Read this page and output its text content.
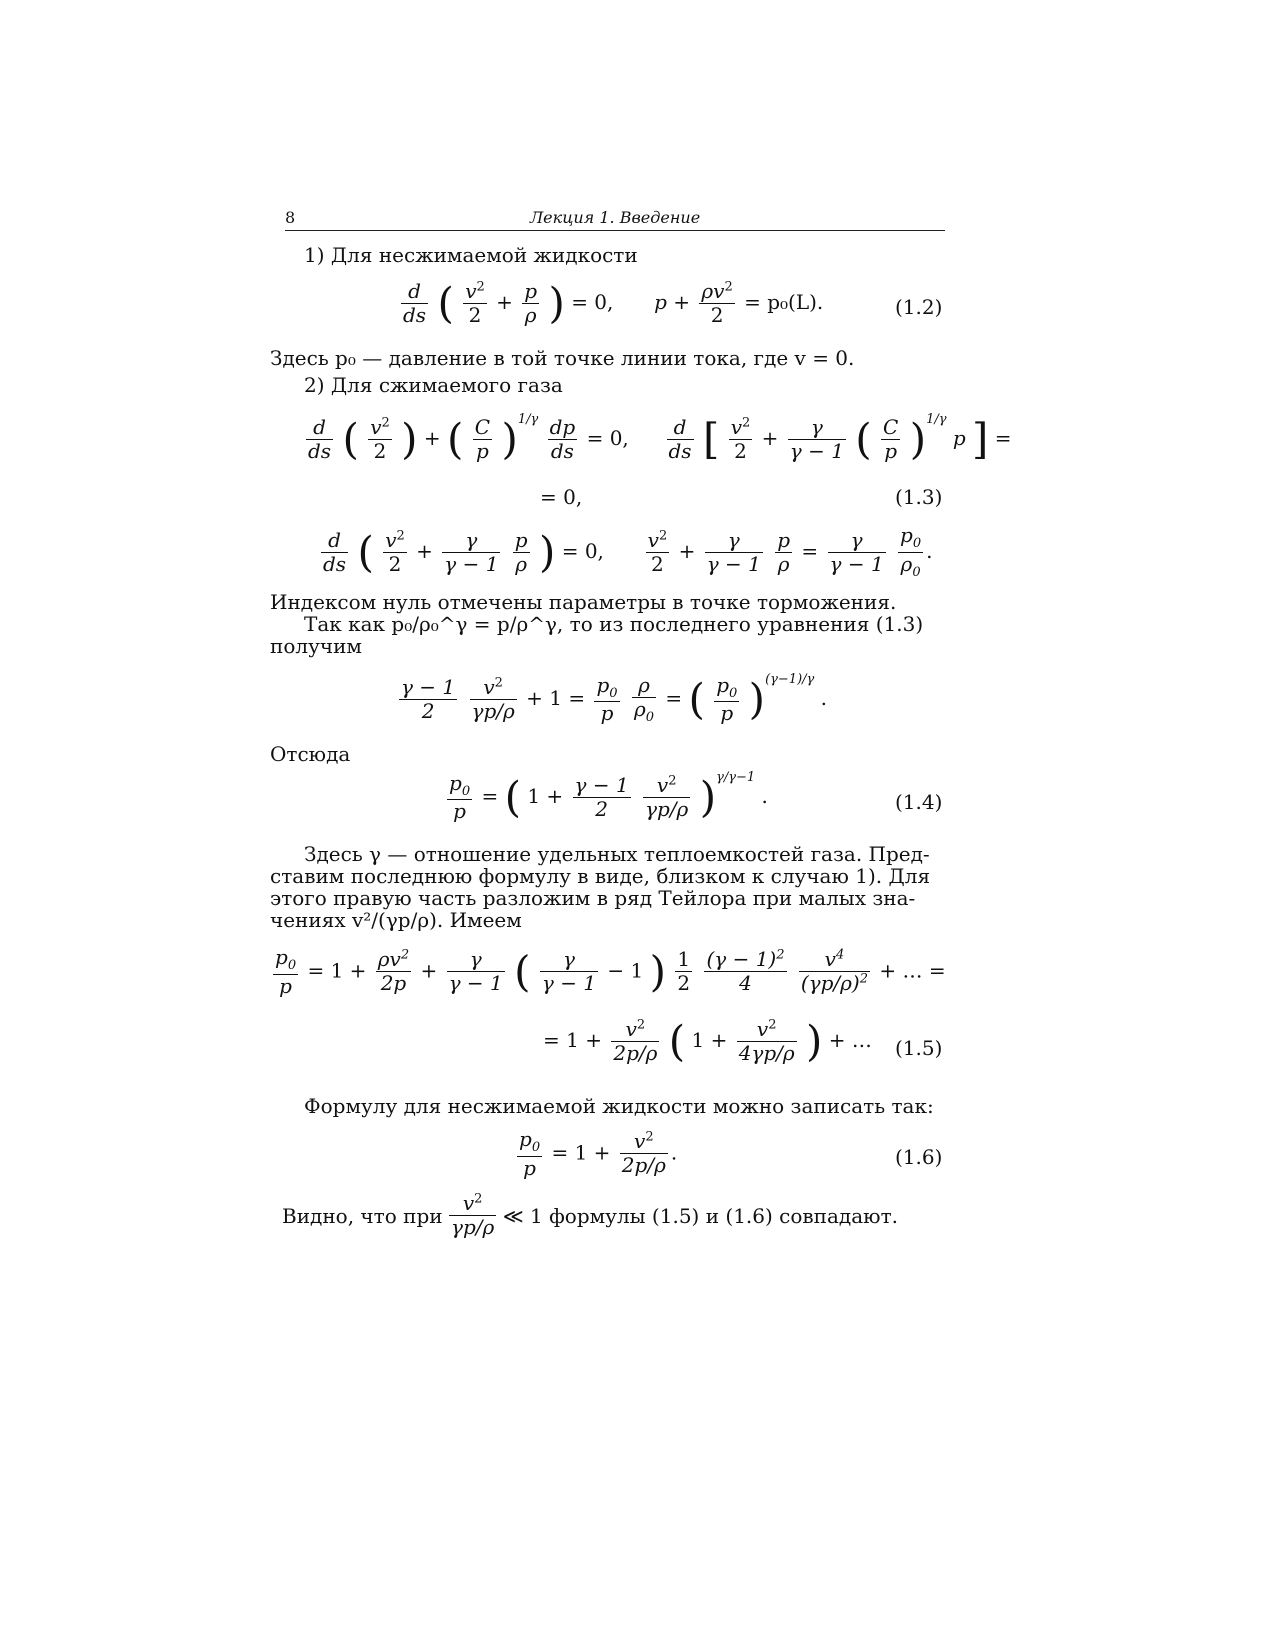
8	Лекция 1. Введение
1) Для несжимаемой жидкости
$\frac{d}{ds}$ ( $\frac{v^2}{2} + \frac{p}{\rho}$ ) = 0, $p + \frac{\rho v^2}{2} = p_0(L)$.	(1.2)
Здесь p₀ — давление в той точке линии тока, где v = 0.
2) Для сжимаемого газа
$\frac{d}{ds}$ ( $\frac{v^2}{2}$ ) + ( $\frac{C}{p} )^{1/\gamma} \frac{dp}{ds} = 0$, $\frac{d}{ds}$ [ $\frac{v^2}{2} + \frac{\gamma}{\gamma - 1}$ ( $\frac{C}{p} )^{1/\gamma}$ p ] =
= 0,	(1.3)
$\frac{d}{ds}$ ( $\frac{v^2}{2} + \frac{\gamma}{\gamma - 1}$
$\frac{p}{\rho}$ ) = 0, $\frac{v^2}{2} + \frac{\gamma}{\gamma - 1}$
$\frac{p}{\rho} = \frac{\gamma}{\gamma - 1}$
$\frac{p_0}{\rho_0}$ .
Индексом нуль отмечены параметры в точке торможения.
Так как p₀/ρ₀^γ = p/ρ^γ, то из последнего уравнения (1.3)
получим
$\frac{\gamma - 1}{2}$
$\frac{v^2}{\gamma p/\rho} + 1 = \frac{p_0}{p}$
$\frac{\rho}{\rho_0}$ = ( $\frac{p_0}{p} )^{(\gamma-1)/\gamma}$ .
Отсюда
$\frac{p_0}{p}$ = ( $1 + \frac{\gamma - 1}{2}$
$\frac{v^2}{\gamma p/\rho} )^{\gamma/\gamma-1}$ .	(1.4)
Здесь γ — отношение удельных теплоемкостей газа. Пред-
ставим последнюю формулу в виде, близком к случаю 1). Для
этого правую часть разложим в ряд Тейлора при малых зна-
чениях v²/(γp/ρ). Имеем
$\frac{p_0}{p} = 1 + \frac{\rho v^2}{2p} + \frac{\gamma}{\gamma - 1}$ ( $\frac{\gamma}{\gamma - 1} - 1$ ) $\frac{1}{2}$
$\frac{(\gamma - 1)^2}{4}$
$\frac{v^4}{(\gamma p/\rho)^2}$ + … =
= $1 + \frac{v^2}{2p/\rho}$ ( $1 + \frac{v^2}{4\gamma p/\rho}$ ) + … (1.5)
Формулу для несжимаемой жидкости можно записать так:
$\frac{p_0}{p} = 1 + \frac{v^2}{2p/\rho}$ .	(1.6)
Видно, что при $\frac{v^2}{\gamma p/\rho}$ ≪ 1 формулы (1.5) и (1.6) совпадают.
